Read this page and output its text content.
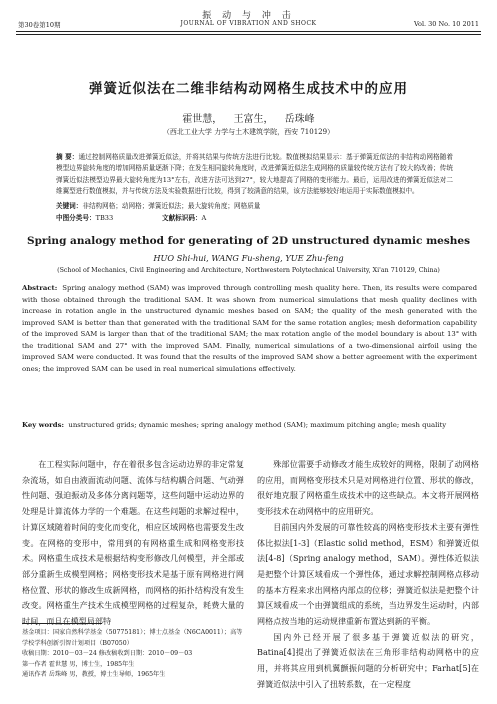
振 动 与 冲 击
第30卷第10期	JOURNAL OF VIBRATION AND SHOCK	Vol. 30 No. 10 2011
弹簧近似法在二维非结构动网格生成技术中的应用
霍世慧， 王富生， 岳珠峰
（西北工业大学 力学与土木建筑学院，西安 710129）
摘 要：通过控制网格质量改进弹簧近似法，并将其结果与传统方法进行比较。数值模拟结果显示：基于弹簧近似法的非结构动网格随着模型边界旋转角度的增加网格质量逐渐下降；在发生相同旋转角度时，改进弹簧近似法生成网格的质量较传统方法有了较大的改善；传统弹簧近似法模型边界最大旋转角度为13°左右，改进方法可达到27°，较大地提高了网格的变形能力。最后，运用改进的弹簧近似法对二维翼型进行数值模拟，并与传统方法及实验数据进行比较，得到了较满意的结果，该方法能够较好地运用于实际数值模拟中。
关键词：非结构网格；动网格；弹簧近似法；最大旋转角度；网格质量
中图分类号：TB33	文献标识码：A
Spring analogy method for generating of 2D unstructured dynamic meshes
HUO Shi-hui, WANG Fu-sheng, YUE Zhu-feng
(School of Mechanics, Civil Engineering and Architecture, Northwestern Polytechnical University, Xi'an 710129, China)
Abstract: Spring analogy method (SAM) was improved through controlling mesh quality here. Then, its results were compared with those obtained through the traditional SAM. It was shown from numerical simulations that mesh quality declines with increase in rotation angle in the unstructured dynamic meshes based on SAM; the quality of the mesh generated with the improved SAM is better than that generated with the traditional SAM for the same rotation angles; mesh deformation capability of the improved SAM is larger than that of the traditional SAM; the max rotation angle of the model boundary is about 13° with the traditional SAM and 27° with the improved SAM. Finally, numerical simulations of a two-dimensional airfoil using the improved SAM were conducted. It was found that the results of the improved SAM show a better agreement with the experiment ones; the improved SAM can be used in real numerical simulations effectively.
Key words: unstructured grids; dynamic meshes; spring analogy method (SAM); maximum pitching angle; mesh quality

在工程实际问题中，存在着很多包含运动边界的非定常复杂流场，如自由液面流动问题、流体与结构耦合问题、气动弹性问题、强迫振动及多体分离问题等，这些问题中运动边界的处理是计算流体力学的一个难题。在这些问题的求解过程中，计算区域随着时间的变化而变化，相应区域网格也需要发生改变。在网格的变形中，常用到的有网格重生成和网格变形技术。网格重生成技术是根据结构变形修改几何模型，并全部或部分重新生成模型网格；网格变形技术是基于原有网格进行网格位置、形状的修改生成新网格，而网格的拓扑结构没有发生改变。网格重生产技术生成模型网格的过程复杂，耗费大量的时间，而且在模型局部特

殊部位需要手动修改才能生成较好的网格，限制了动网格的应用，而网格变形技术只是对网格进行位置、形状的修改，很好地克服了网格重生成技术中的这些缺点。本文将开展网格变形技术在动网格中的应用研究。

目前国内外发展的可靠性较高的网格变形技术主要有弹性体比拟法[1-3]（Elastic solid method，ESM）和弹簧近似法[4-8]（Spring analogy method，SAM）。弹性体近似法是把整个计算区域看成一个弹性体，通过求解控制网格点移动的基本方程来求出网格内部点的位移；弹簧近似法是把整个计算区域看成一个由弹簧组成的系统，当边界发生运动时，内部网格点按当地的运动规律重新布置达到新的平衡。

国内外已经开展了很多基于弹簧近似法的研究，Batina[4]提出了弹簧近似法在三角形非结构动网格中的应用，并将其应用到机翼颤振问题的分析研究中；Farhat[5]在弹簧近似法中引入了扭转系数，在一定程度

基金项目：国家自然科学基金（50775181）；博士点基金（N6CA0011）；高等学校学科创新引智计划项目（B07050）
收稿日期：2010－03－24 修改稿收到日期：2010－09－03
第一作者 霍世慧 男，博士生，1985年生
通讯作者 岳珠峰 男，教授，博士生导师，1965年生
